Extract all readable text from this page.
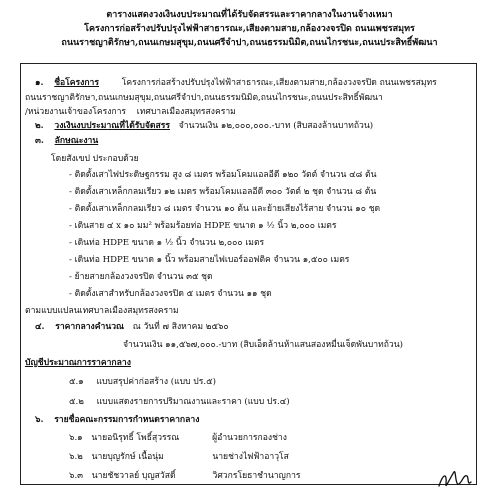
ตารางแสดงวงเงินงบประมาณที่ได้รับจัดสรรและราคากลางในงานจ้างเหมา
โครงการก่อสร้างปรับปรุงไฟฟ้าสาธารณะ,เสียงตามสาย,กล้องวงจรปิด ถนนเพชรสมุทร
ถนนราชญาติรักษา,ถนนเกษมสุขุม,ถนนศรีจำปา,ถนนธรรมนิมิต,ถนนไกรชนะ,ถนนประสิทธิ์พัฒนา
๑. ชื่อโครงการ	โครงการก่อสร้างปรับปรุงไฟฟ้าสาธารณะ,เสียงตามสาย,กล้องวงจรปิด ถนนเพชรสมุทร
ถนนราชญาติรักษา,ถนนเกษมสุขุม,ถนนศรีจำปา,ถนนธรรมนิมิต,ถนนไกรชนะ,ถนนประสิทธิ์พัฒนา
/หน่วยงานเจ้าของโครงการ เทศบาลเมืองสมุทรสงคราม
๒. วงเงินงบประมาณที่ได้รับจัดสรร จำนวนเงิน ๑๒,๐๐๐,๐๐๐.-บาท (สิบสองล้านบาทถ้วน)
๓. ลักษณะงาน
โดยสังเขป ประกอบด้วย
- ติดตั้งเสาไฟประดิษฐกรรม สูง ๘ เมตร พร้อมโคมแอลอีดี ๑๒๐ วัตต์ จำนวน ๔๘ ต้น
- ติดตั้งเสาเหล็กกลมเรียว ๑๒ เมตร พร้อมโคมแอลอีดี ๓๐๐ วัตต์ ๒ ชุด จำนวน ๘ ต้น
- ติดตั้งเสาเหล็กกลมเรียว ๘ เมตร จำนวน ๑๐ ต้น และย้ายเสียงไร้สาย จำนวน ๑๐ ชุด
- เดินสาย ๔ x ๑๐ มม² พร้อมร้อยท่อ HDPE ขนาด ๑ ½ นิ้ว ๒,๐๐๐ เมตร
- เดินท่อ HDPE ขนาด ๑ ½ นิ้ว จำนวน ๒,๐๐๐ เมตร
- เดินท่อ HDPE ขนาด ๑ นิ้ว พร้อมสายไฟเบอร์ออฟติค จำนวน ๑,๕๐๐ เมตร
- ย้ายสายกล้องวงจรปิด จำนวน ๓๕ ชุด
- ติดตั้งเสาสำหรับกล้องวงจรปิด ๕ เมตร จำนวน ๑๑ ชุด
ตามแบบแปลนเทศบาลเมืองสมุทรสงคราม
๔. ราคากลางคำนวณ ณ วันที่ ๗ สิงหาคม ๒๕๖๐
จำนวนเงิน ๑๑,๕๖๗,๐๐๐.-บาท (สิบเอ็ดล้านห้าแสนสองหมื่นเจ็ดพันบาทถ้วน)
บัญชีประมาณการราคากลาง
๕.๑ แบบสรุปค่าก่อสร้าง (แบบ ปร.๕)
๕.๒ แบบแสดงรายการปริมาณงานและราคา (แบบ ปร.๔)
๖. รายชื่อคณะกรรมการกำหนดราคากลาง
๖.๑ นายอนิรุทธิ์ โพธิ์สุวรรณ	ผู้อำนวยการกองช่าง
๖.๒ นายบุญรักษ์ เนื้อนุ่ม	นายช่างไฟฟ้าอาวุโส
๖.๓ นายชัชวาลย์ บุญสวัสดิ์	วิศวกรโยธาชำนาญการ
